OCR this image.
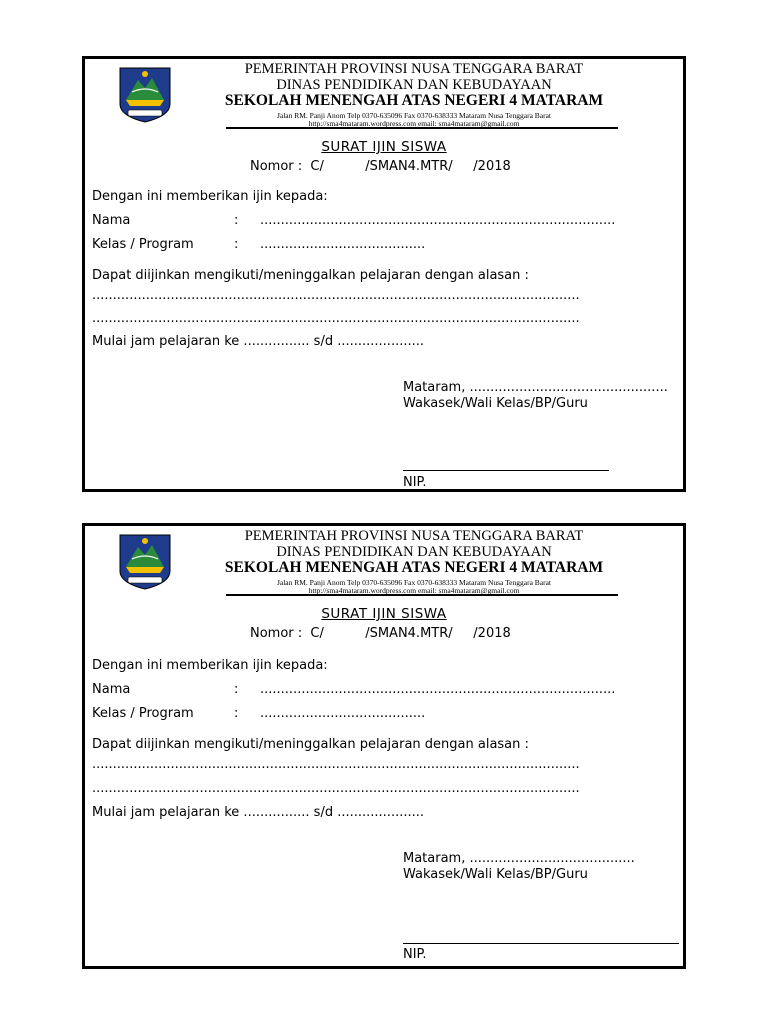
PEMERINTAH PROVINSI NUSA TENGGARA BARAT
DINAS PENDIDIKAN DAN KEBUDAYAAN
SEKOLAH MENENGAH ATAS NEGERI 4 MATARAM
Jalan RM. Panji Anom Telp 0370-635096 Fax 0370-638333 Mataram Nusa Tenggara Barat
http://sma4mataram.wordpress.com email: sma4mataram@gmail.com
SURAT IJIN SISWA
Nomor :  C/          /SMAN4.MTR/     /2018
Dengan ini memberikan ijin kepada:
Nama	: ......................................................................................
Kelas / Program	: ........................................
Dapat diijinkan mengikuti/meninggalkan pelajaran dengan alasan :
......................................................................................................................
......................................................................................................................
Mulai jam pelajaran ke ................ s/d .....................
Mataram, ................................................
Wakasek/Wali Kelas/BP/Guru
NIP.
PEMERINTAH PROVINSI NUSA TENGGARA BARAT
DINAS PENDIDIKAN DAN KEBUDAYAAN
SEKOLAH MENENGAH ATAS NEGERI 4 MATARAM
Jalan RM. Panji Anom Telp 0370-635096 Fax 0370-638333 Mataram Nusa Tenggara Barat
http://sma4mataram.wordpress.com email: sma4mataram@gmail.com
SURAT IJIN SISWA
Nomor :  C/          /SMAN4.MTR/     /2018
Dengan ini memberikan ijin kepada:
Nama	: ......................................................................................
Kelas / Program	: ........................................
Dapat diijinkan mengikuti/meninggalkan pelajaran dengan alasan :
......................................................................................................................
......................................................................................................................
Mulai jam pelajaran ke ................ s/d .....................
Mataram, ........................................
Wakasek/Wali Kelas/BP/Guru
NIP.
